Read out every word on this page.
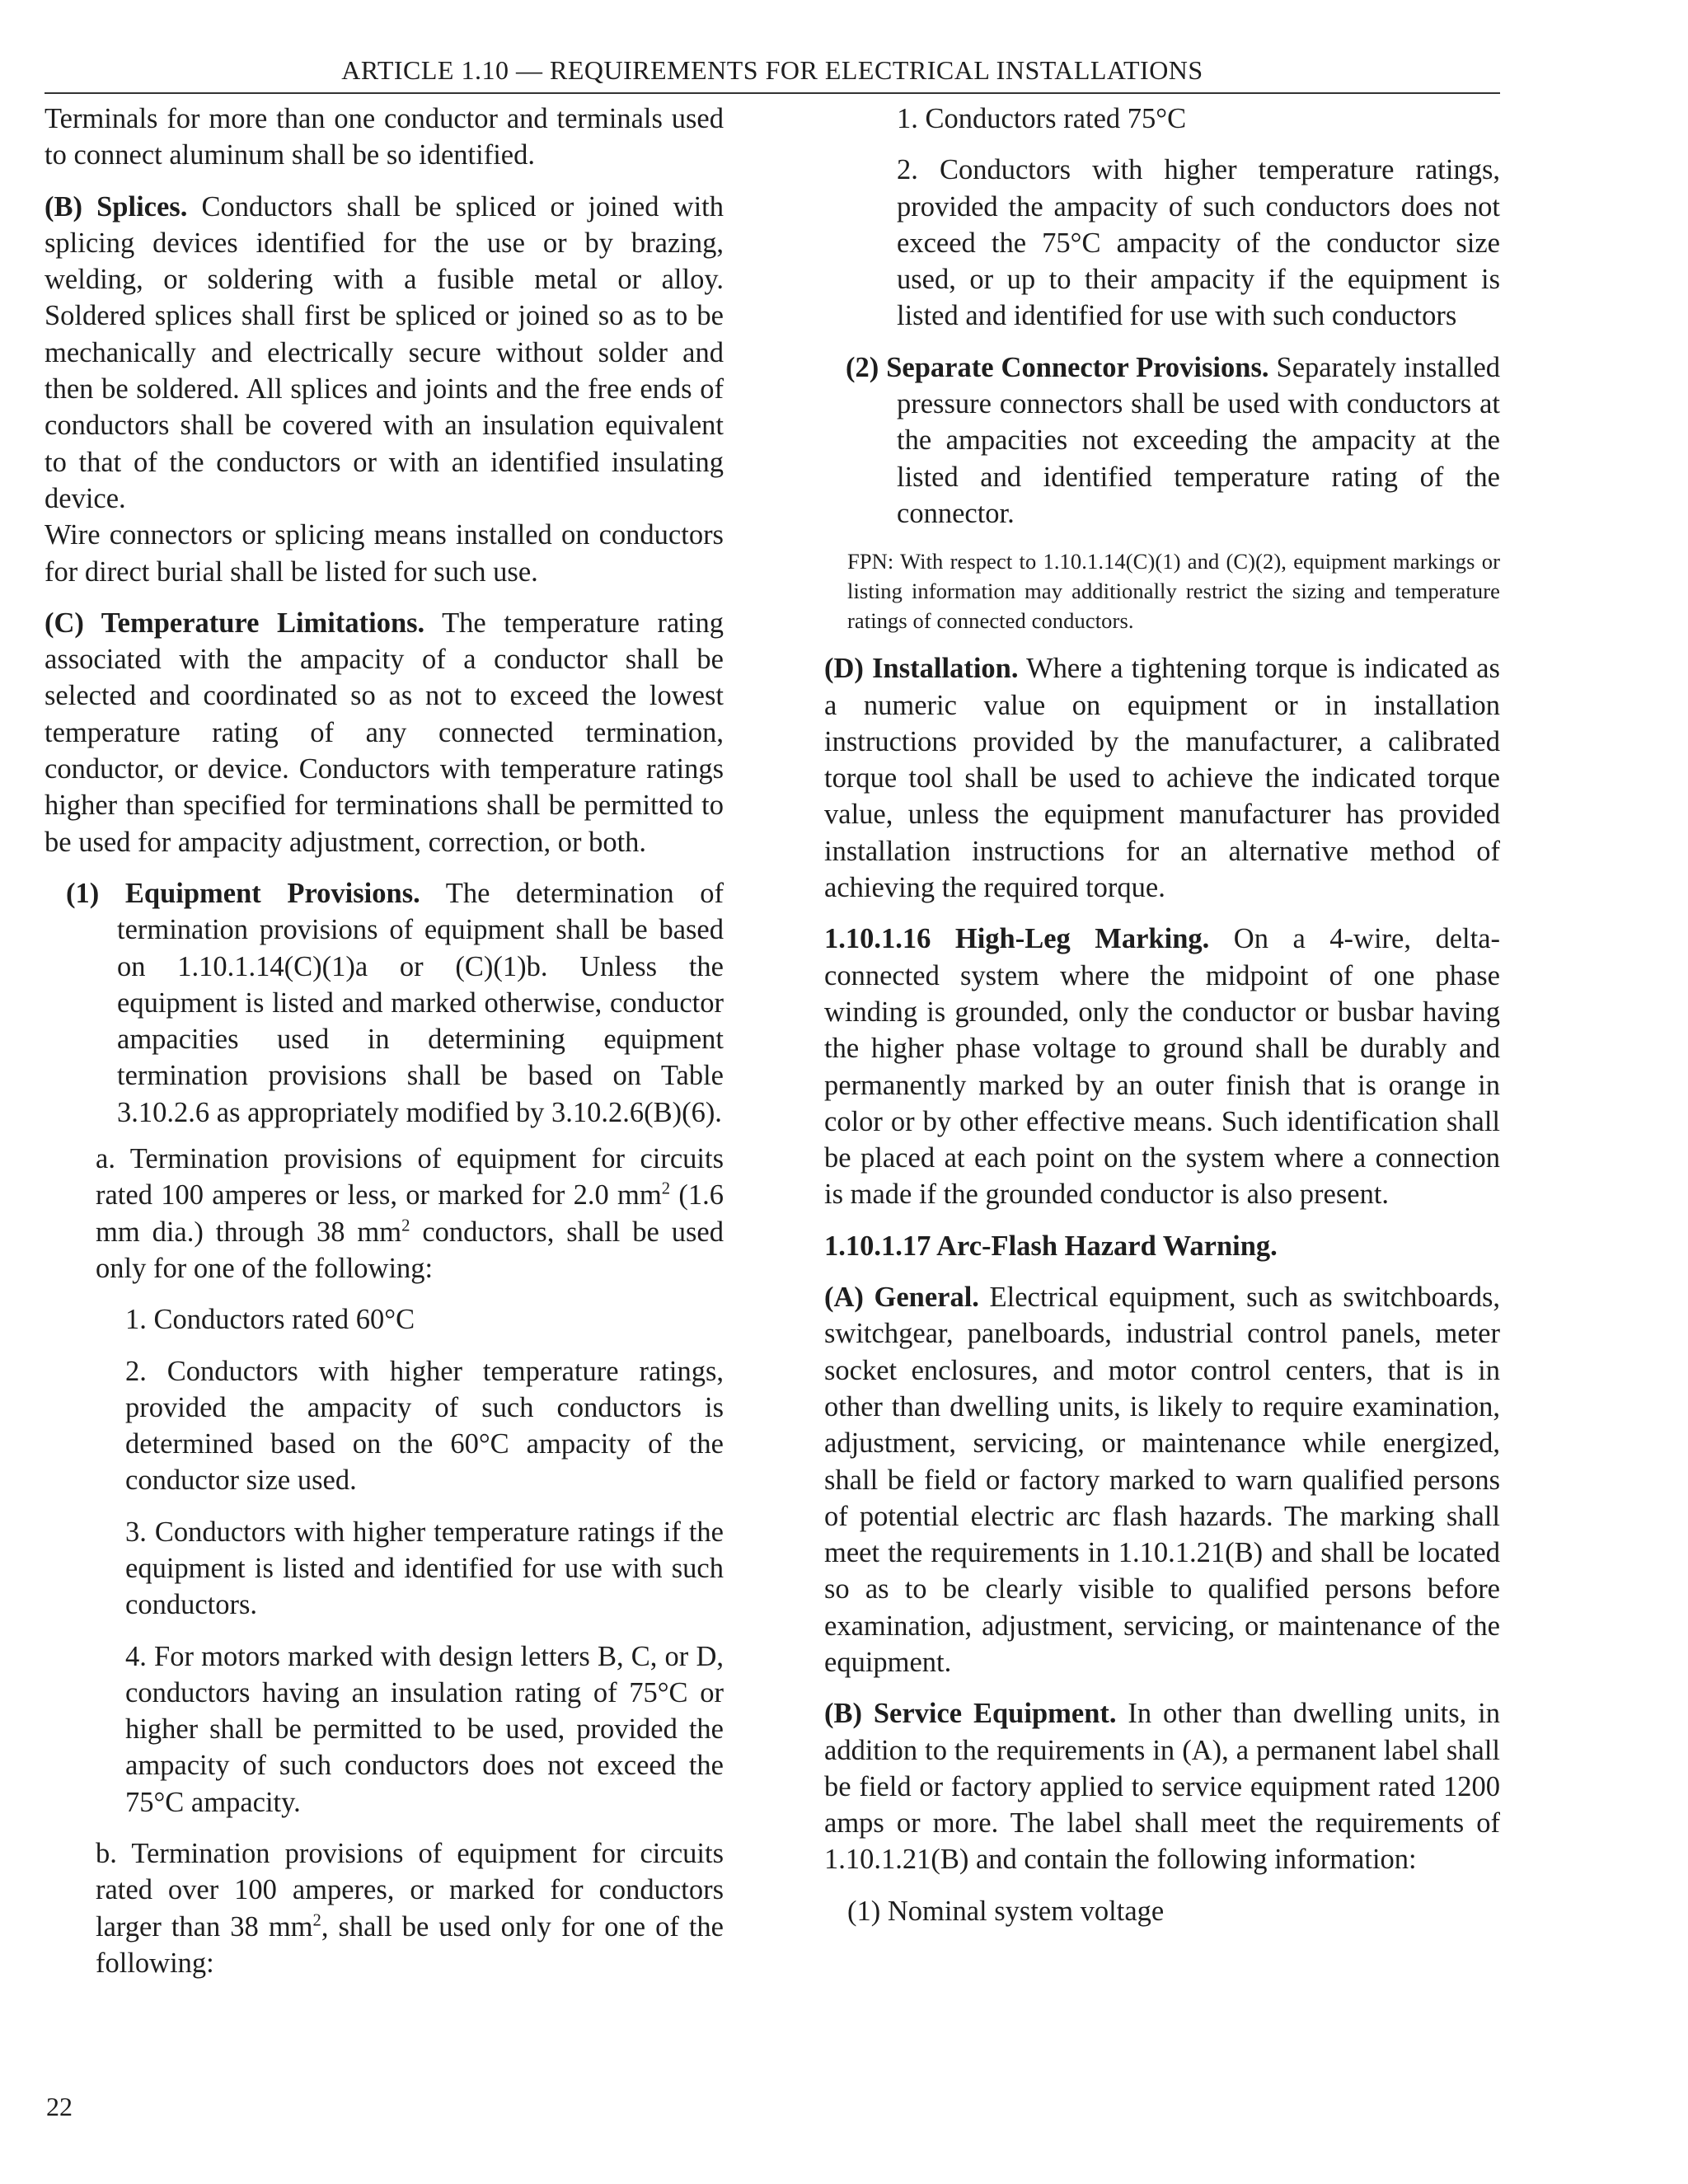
ARTICLE 1.10 — REQUIREMENTS FOR ELECTRICAL INSTALLATIONS

Terminals for more than one conductor and terminals used to connect aluminum shall be so identified.

(B) Splices. Conductors shall be spliced or joined with splicing devices identified for the use or by brazing, welding, or soldering with a fusible metal or alloy. Soldered splices shall first be spliced or joined so as to be mechanically and electrically secure without solder and then be soldered. All splices and joints and the free ends of conductors shall be covered with an insulation equivalent to that of the conductors or with an identified insulating device.

Wire connectors or splicing means installed on conductors for direct burial shall be listed for such use.

(C) Temperature Limitations. The temperature rating associated with the ampacity of a conductor shall be selected and coordinated so as not to exceed the lowest temperature rating of any connected termination, conductor, or device. Conductors with temperature ratings higher than specified for terminations shall be permitted to be used for ampacity adjustment, correction, or both.

(1) Equipment Provisions. The determination of termination provisions of equipment shall be based on 1.10.1.14(C)(1)a or (C)(1)b. Unless the equipment is listed and marked otherwise, conductor ampacities used in determining equipment termination provisions shall be based on Table 3.10.2.6 as appropriately modified by 3.10.2.6(B)(6).

a. Termination provisions of equipment for circuits rated 100 amperes or less, or marked for 2.0 $mm^2$ (1.6 mm dia.) through 38 $mm^2$ conductors, shall be used only for one of the following:

1. Conductors rated 60°C

2. Conductors with higher temperature ratings, provided the ampacity of such conductors is determined based on the 60°C ampacity of the conductor size used.

3. Conductors with higher temperature ratings if the equipment is listed and identified for use with such conductors.

4. For motors marked with design letters B, C, or D, conductors having an insulation rating of 75°C or higher shall be permitted to be used, provided the ampacity of such conductors does not exceed the 75°C ampacity.

b. Termination provisions of equipment for circuits rated over 100 amperes, or marked for conductors larger than 38 $mm^2$, shall be used only for one of the following:

1. Conductors rated 75°C

2. Conductors with higher temperature ratings, provided the ampacity of such conductors does not exceed the 75°C ampacity of the conductor size used, or up to their ampacity if the equipment is listed and identified for use with such conductors

(2) Separate Connector Provisions. Separately installed pressure connectors shall be used with conductors at the ampacities not exceeding the ampacity at the listed and identified temperature rating of the connector.

FPN: With respect to 1.10.1.14(C)(1) and (C)(2), equipment markings or listing information may additionally restrict the sizing and temperature ratings of connected conductors.

(D) Installation. Where a tightening torque is indicated as a numeric value on equipment or in installation instructions provided by the manufacturer, a calibrated torque tool shall be used to achieve the indicated torque value, unless the equipment manufacturer has provided installation instructions for an alternative method of achieving the required torque.

1.10.1.16 High-Leg Marking. On a 4-wire, delta-connected system where the midpoint of one phase winding is grounded, only the conductor or busbar having the higher phase voltage to ground shall be durably and permanently marked by an outer finish that is orange in color or by other effective means. Such identification shall be placed at each point on the system where a connection is made if the grounded conductor is also present.

1.10.1.17 Arc-Flash Hazard Warning.

(A) General. Electrical equipment, such as switchboards, switchgear, panelboards, industrial control panels, meter socket enclosures, and motor control centers, that is in other than dwelling units, is likely to require examination, adjustment, servicing, or maintenance while energized, shall be field or factory marked to warn qualified persons of potential electric arc flash hazards. The marking shall meet the requirements in 1.10.1.21(B) and shall be located so as to be clearly visible to qualified persons before examination, adjustment, servicing, or maintenance of the equipment.

(B) Service Equipment. In other than dwelling units, in addition to the requirements in (A), a permanent label shall be field or factory applied to service equipment rated 1200 amps or more. The label shall meet the requirements of 1.10.1.21(B) and contain the following information:

(1) Nominal system voltage

22
